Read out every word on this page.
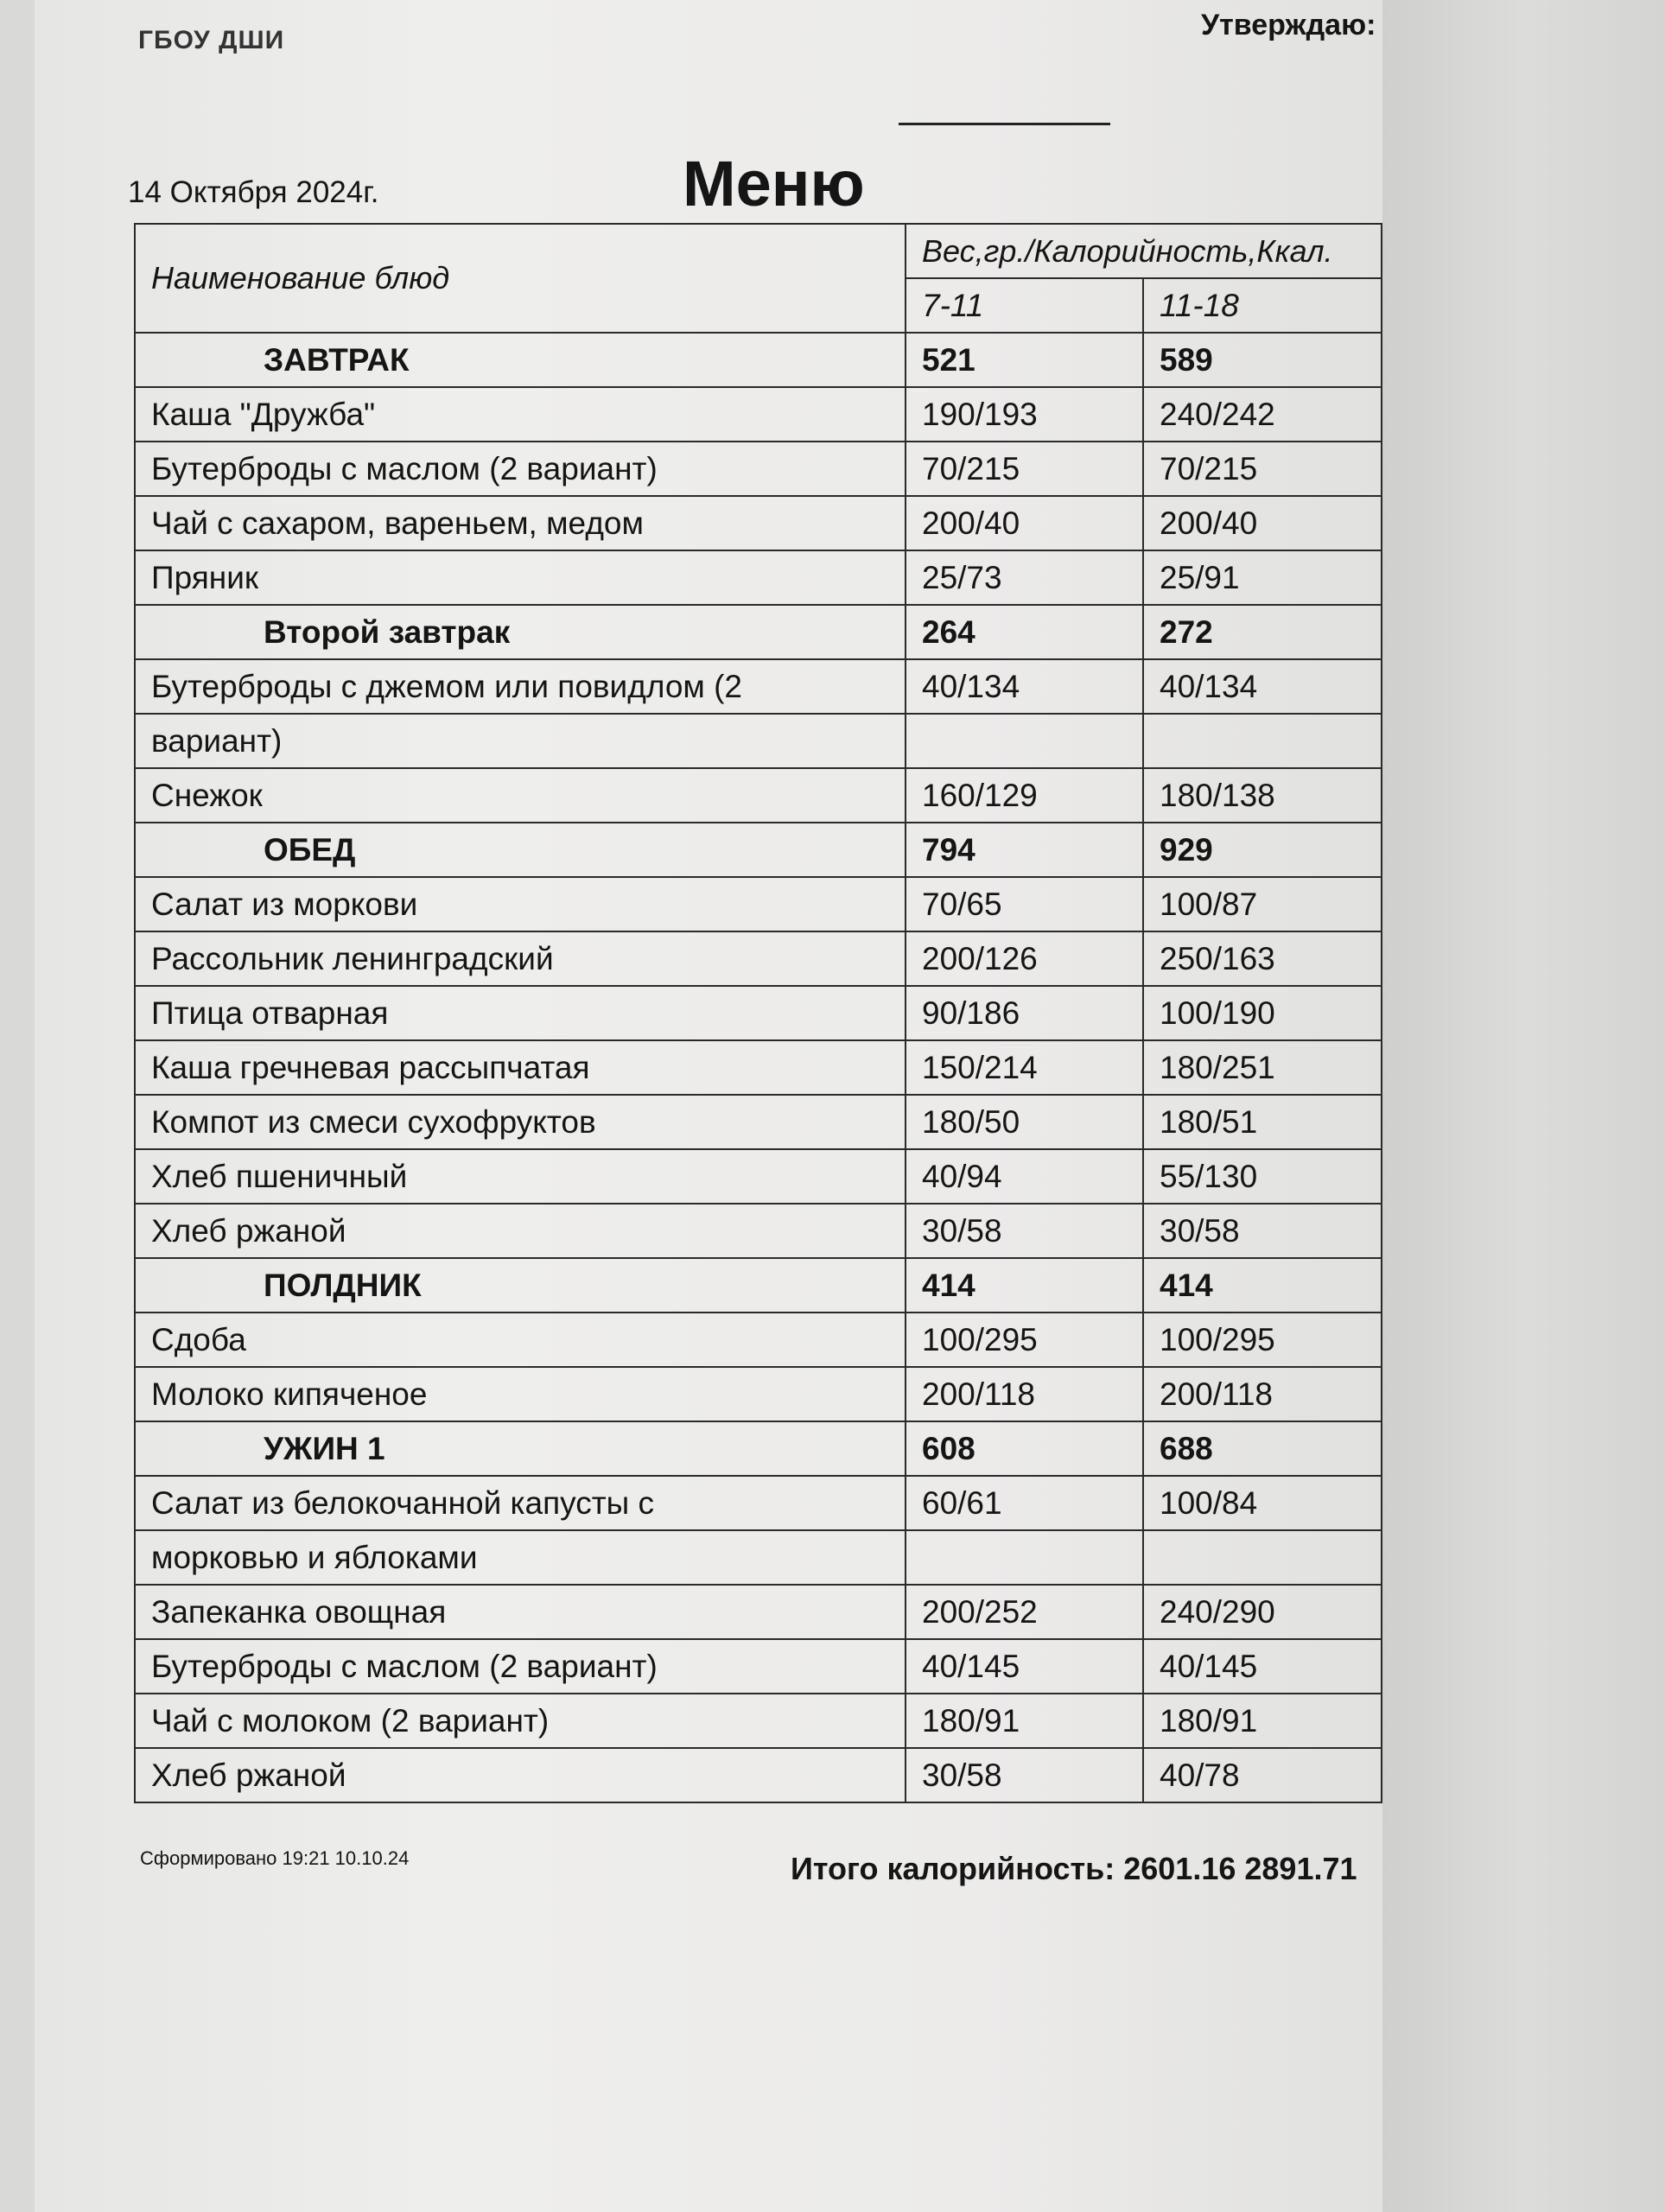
ГБОУ ДШИ	Утверждаю:
14 Октября 2024г.	Меню
Наименование блюд	Вес,гр./Калорийность,Ккал.	
	7-11	11-18
ЗАВТРАК	521	589
Каша "Дружба"	190/193	240/242
Бутерброды с маслом (2 вариант)	70/215	70/215
Чай с сахаром, вареньем, медом	200/40	200/40
Пряник	25/73	25/91
Второй завтрак	264	272
Бутерброды с джемом или повидлом (2	40/134	40/134
вариант)		
Снежок	160/129	180/138
ОБЕД	794	929
Салат из моркови	70/65	100/87
Рассольник ленинградский	200/126	250/163
Птица отварная	90/186	100/190
Каша гречневая рассыпчатая	150/214	180/251
Компот из смеси сухофруктов	180/50	180/51
Хлеб пшеничный	40/94	55/130
Хлеб ржаной	30/58	30/58
ПОЛДНИК	414	414
Сдоба	100/295	100/295
Молоко кипяченое	200/118	200/118
УЖИН 1	608	688
Салат из белокочанной капусты с	60/61	100/84
морковью и яблоками		
Запеканка овощная	200/252	240/290
Бутерброды с маслом (2 вариант)	40/145	40/145
Чай с молоком (2 вариант)	180/91	180/91
Хлеб ржаной	30/58	40/78
Сформировано 19:21 10.10.24	Итого калорийность: 2601.16 2891.71
